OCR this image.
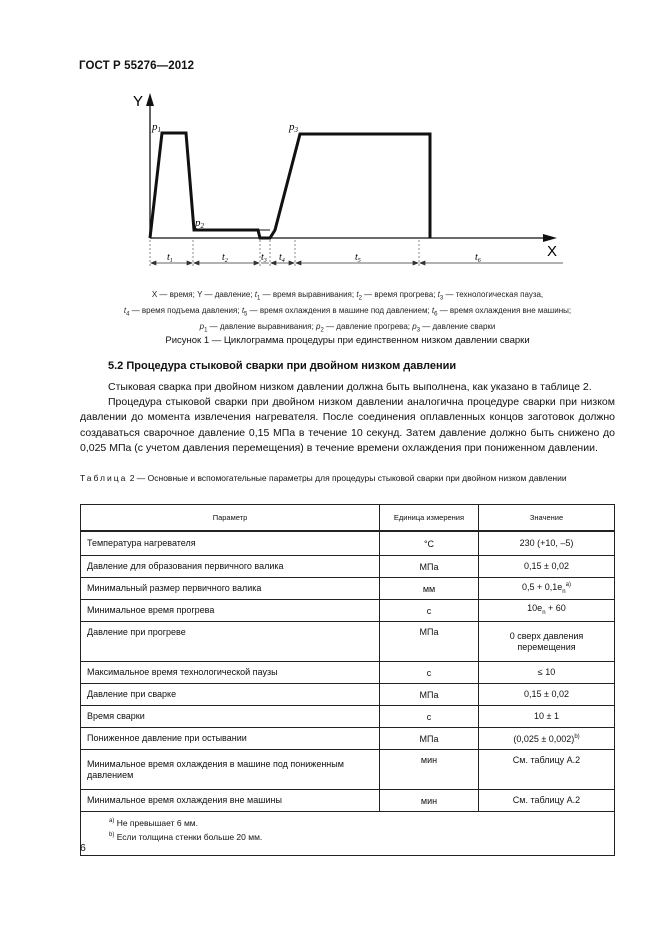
ГОСТ Р 55276—2012
Y
X
p1
p2
p3
$t_1$	$t_2$	$t_3$ $t_4$	$t_5$	$t_6$
X — время; Y — давление; $t_1$ — время выравнивания; $t_2$ — время прогрева; $t_3$ — технологическая пауза,
$t_4$ — время подъема давления; $t_5$ — время охлаждения в машине под давлением; $t_6$ — время охлаждения вне машины;
$p_1$ — давление выравнивания; $p_2$ — давление прогрева; $p_3$ — давление сварки
Рисунок 1 — Циклограмма процедуры при единственном низком давлении сварки
5.2 Процедура стыковой сварки при двойном низком давлении
Стыковая сварка при двойном низком давлении должна быть выполнена, как указано в таблице 2.
Процедура стыковой сварки при двойном низком давлении аналогична процедуре сварки при низком давлении до момента извлечения нагревателя. После соединения оплавленных концов заготовок должно создаваться сварочное давление 0,15 МПа в течение 10 секунд. Затем давление должно быть снижено до 0,025 МПа (с учетом давления перемещения) в течение времени охлаждения при пониженном давлении.
Таблица 2 — Основные и вспомогательные параметры для процедуры стыковой сварки при двойном низком давлении
Параметр	Единица измерения	Значение
Температура нагревателя	°С	230 (+10, –5)
Давление для образования первичного валика	МПа	0,15 ± 0,02
Минимальный размер первичного валика	мм	$0,5 + 0,1e_n^{a)}$
Минимальное время прогрева	с	$10e_n + 60$
Давление при прогреве	МПа	0 сверх давления перемещения
Максимальное время технологической паузы	с	≤ 10
Давление при сварке	МПа	0,15 ± 0,02
Время сварки	с	10 ± 1
Пониженное давление при остывании	МПа	$(0,025 \pm 0,002)^{b)}$
Минимальное время охлаждения в машине под пониженным давлением	мин	См. таблицу А.2
Минимальное время охлаждения вне машины	мин	См. таблицу А.2

$^{a)}$ Не превышает 6 мм.
$^{b)}$ Если толщина стенки больше 20 мм.		
6
